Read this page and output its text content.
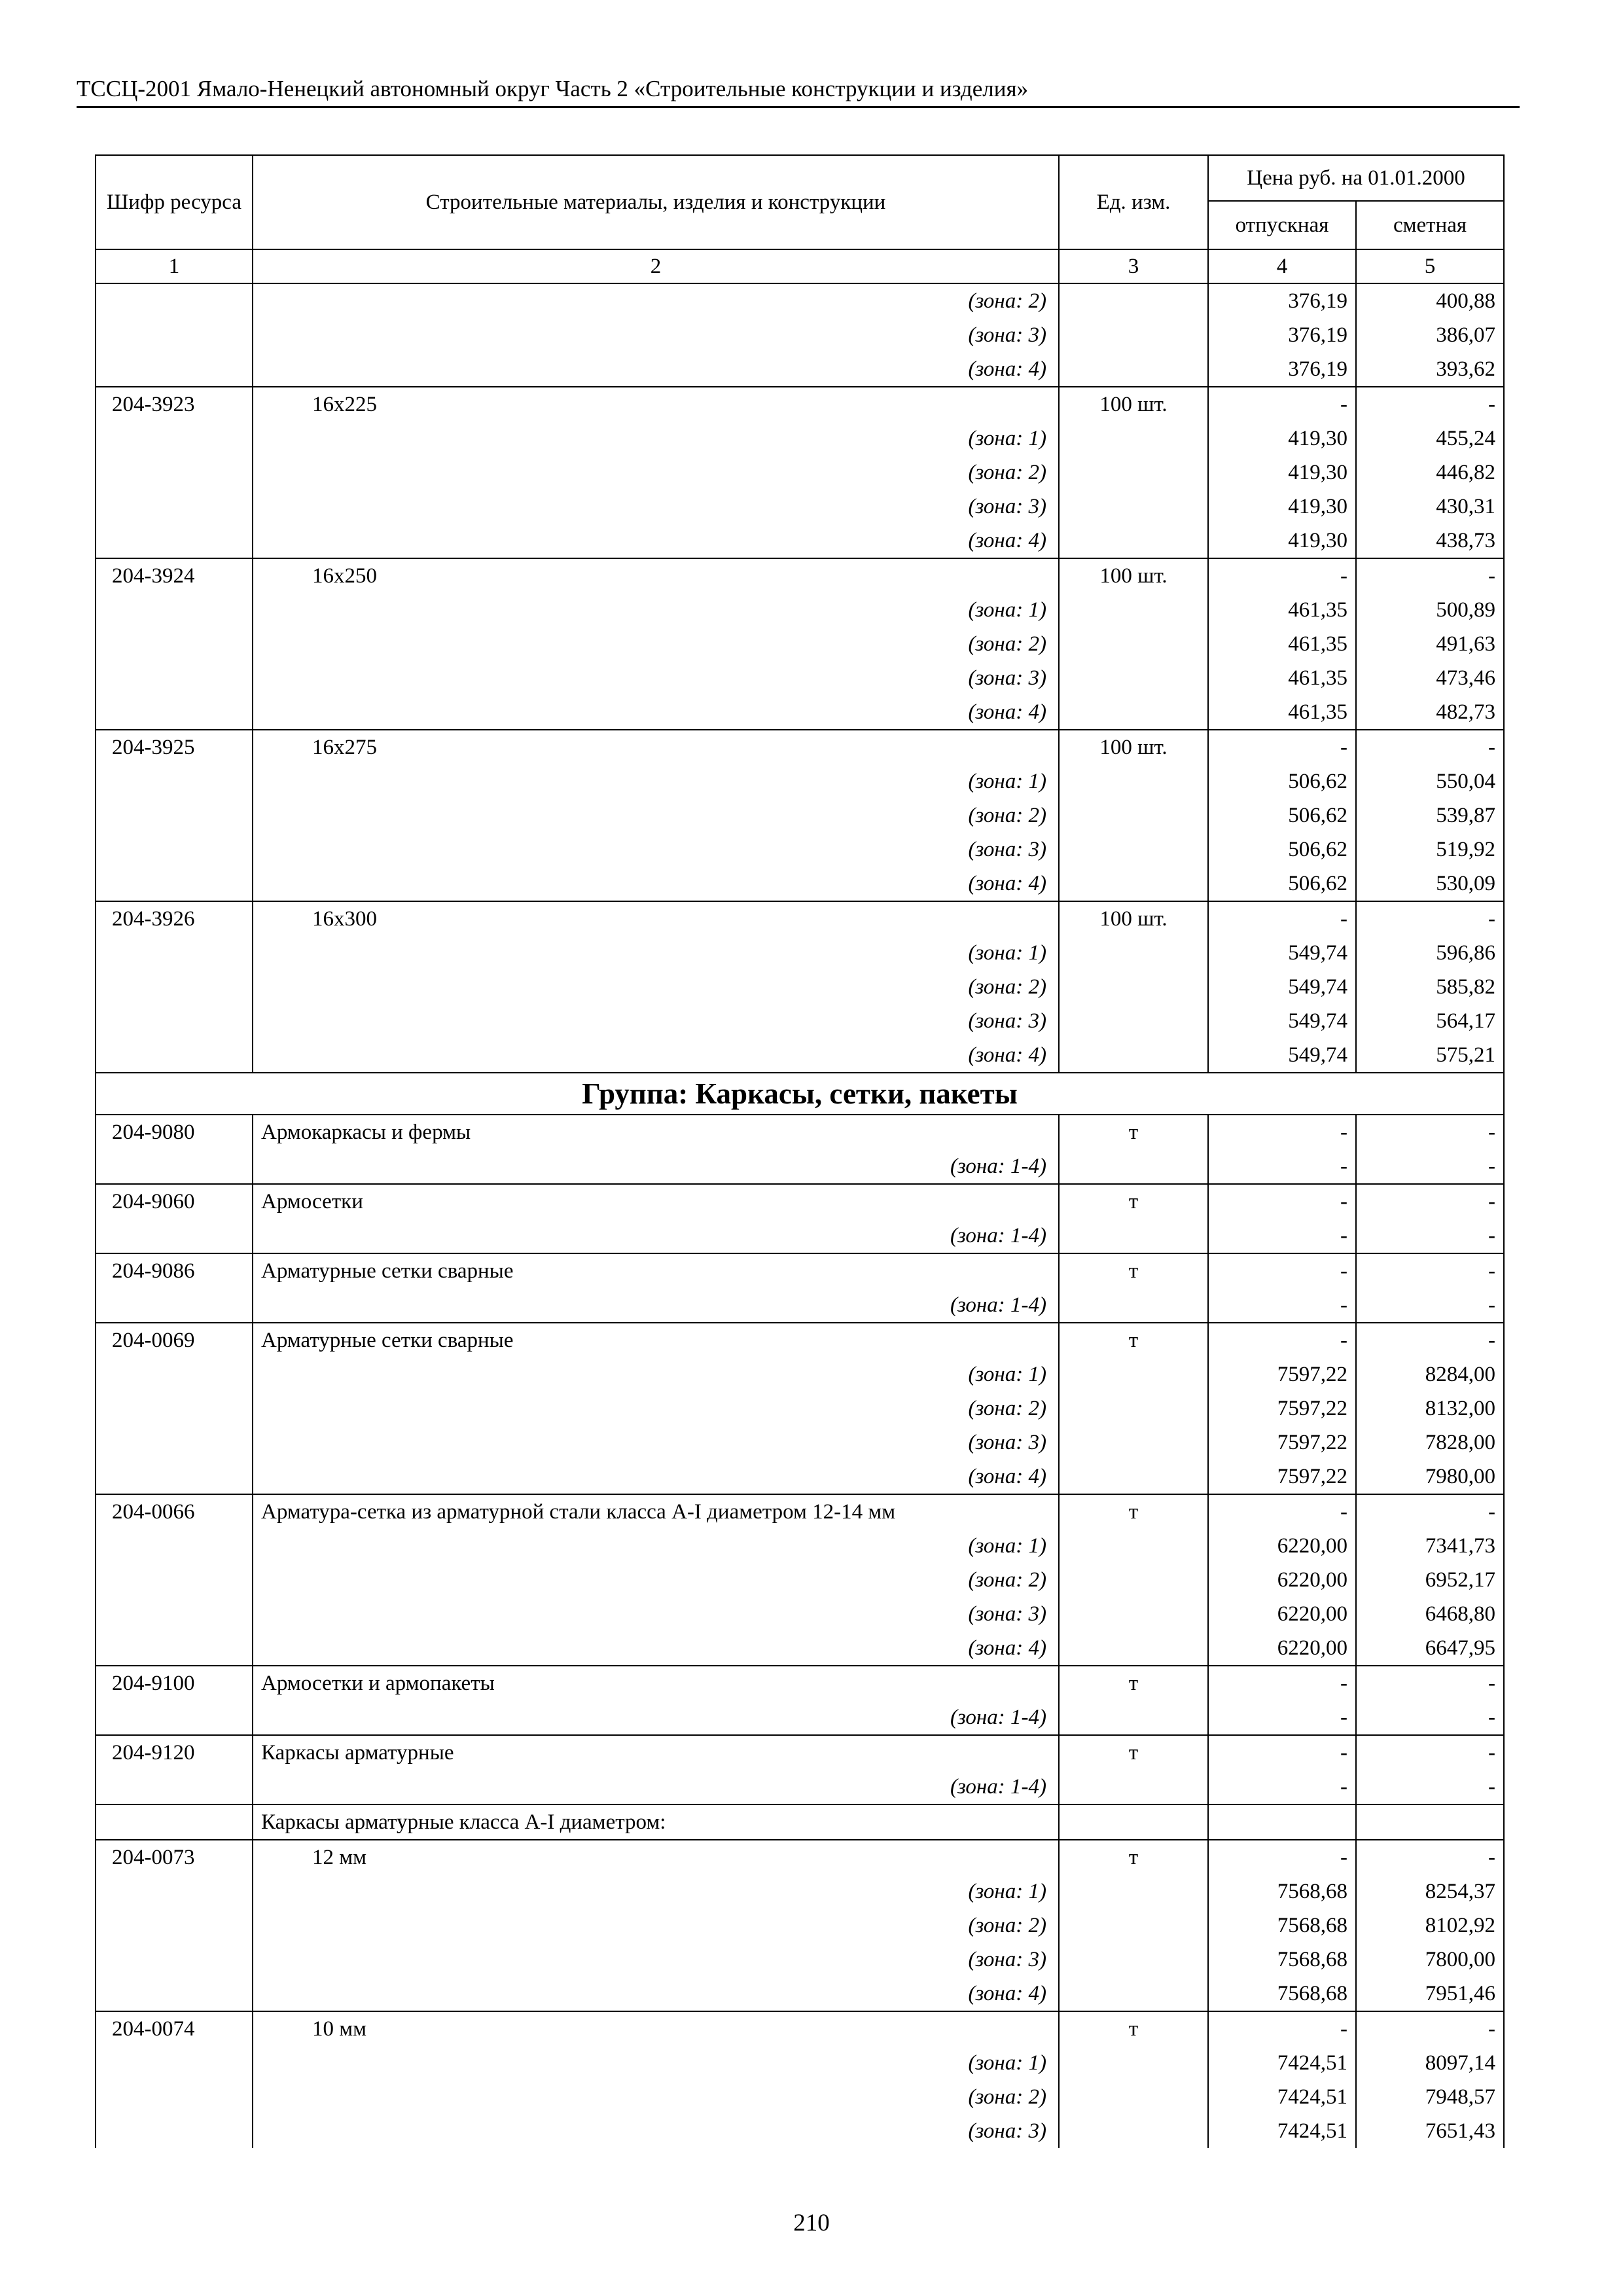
ТССЦ-2001 Ямало-Ненецкий автономный округ Часть 2 «Строительные конструкции и изделия»
Шифр ресурса	Строительные материалы, изделия и конструкции	Ед. изм.	Цена руб. на 01.01.2000	
			отпускная	сметная
1	2	3	4	5
	(зона: 2)		376,19	400,88
	(зона: 3)		376,19	386,07
	(зона: 4)		376,19	393,62
204-3923	16х225	100 шт.	-	-
	(зона: 1)		419,30	455,24
	(зона: 2)		419,30	446,82
	(зона: 3)		419,30	430,31
	(зона: 4)		419,30	438,73
204-3924	16х250	100 шт.	-	-
	(зона: 1)		461,35	500,89
	(зона: 2)		461,35	491,63
	(зона: 3)		461,35	473,46
	(зона: 4)		461,35	482,73
204-3925	16х275	100 шт.	-	-
	(зона: 1)		506,62	550,04
	(зона: 2)		506,62	539,87
	(зона: 3)		506,62	519,92
	(зона: 4)		506,62	530,09
204-3926	16х300	100 шт.	-	-
	(зона: 1)		549,74	596,86
	(зона: 2)		549,74	585,82
	(зона: 3)		549,74	564,17
	(зона: 4)		549,74	575,21
Группа: Каркасы, сетки, пакеты				
204-9080	Армокаркасы и фермы	т	-	-
	(зона: 1-4)		-	-
204-9060	Армосетки	т	-	-
	(зона: 1-4)		-	-
204-9086	Арматурные сетки сварные	т	-	-
	(зона: 1-4)		-	-
204-0069	Арматурные сетки сварные	т	-	-
	(зона: 1)		7597,22	8284,00
	(зона: 2)		7597,22	8132,00
	(зона: 3)		7597,22	7828,00
	(зона: 4)		7597,22	7980,00
204-0066	Арматура-сетка из арматурной стали класса А-I диаметром 12-14 мм	т	-	-
	(зона: 1)		6220,00	7341,73
	(зона: 2)		6220,00	6952,17
	(зона: 3)		6220,00	6468,80
	(зона: 4)		6220,00	6647,95
204-9100	Армосетки и армопакеты	т	-	-
	(зона: 1-4)		-	-
204-9120	Каркасы арматурные	т	-	-
	(зона: 1-4)		-	-
	Каркасы арматурные класса А-I диаметром:			
204-0073	12 мм	т	-	-
	(зона: 1)		7568,68	8254,37
	(зона: 2)		7568,68	8102,92
	(зона: 3)		7568,68	7800,00
	(зона: 4)		7568,68	7951,46
204-0074	10 мм	т	-	-
	(зона: 1)		7424,51	8097,14
	(зона: 2)		7424,51	7948,57
	(зона: 3)		7424,51	7651,43
210
